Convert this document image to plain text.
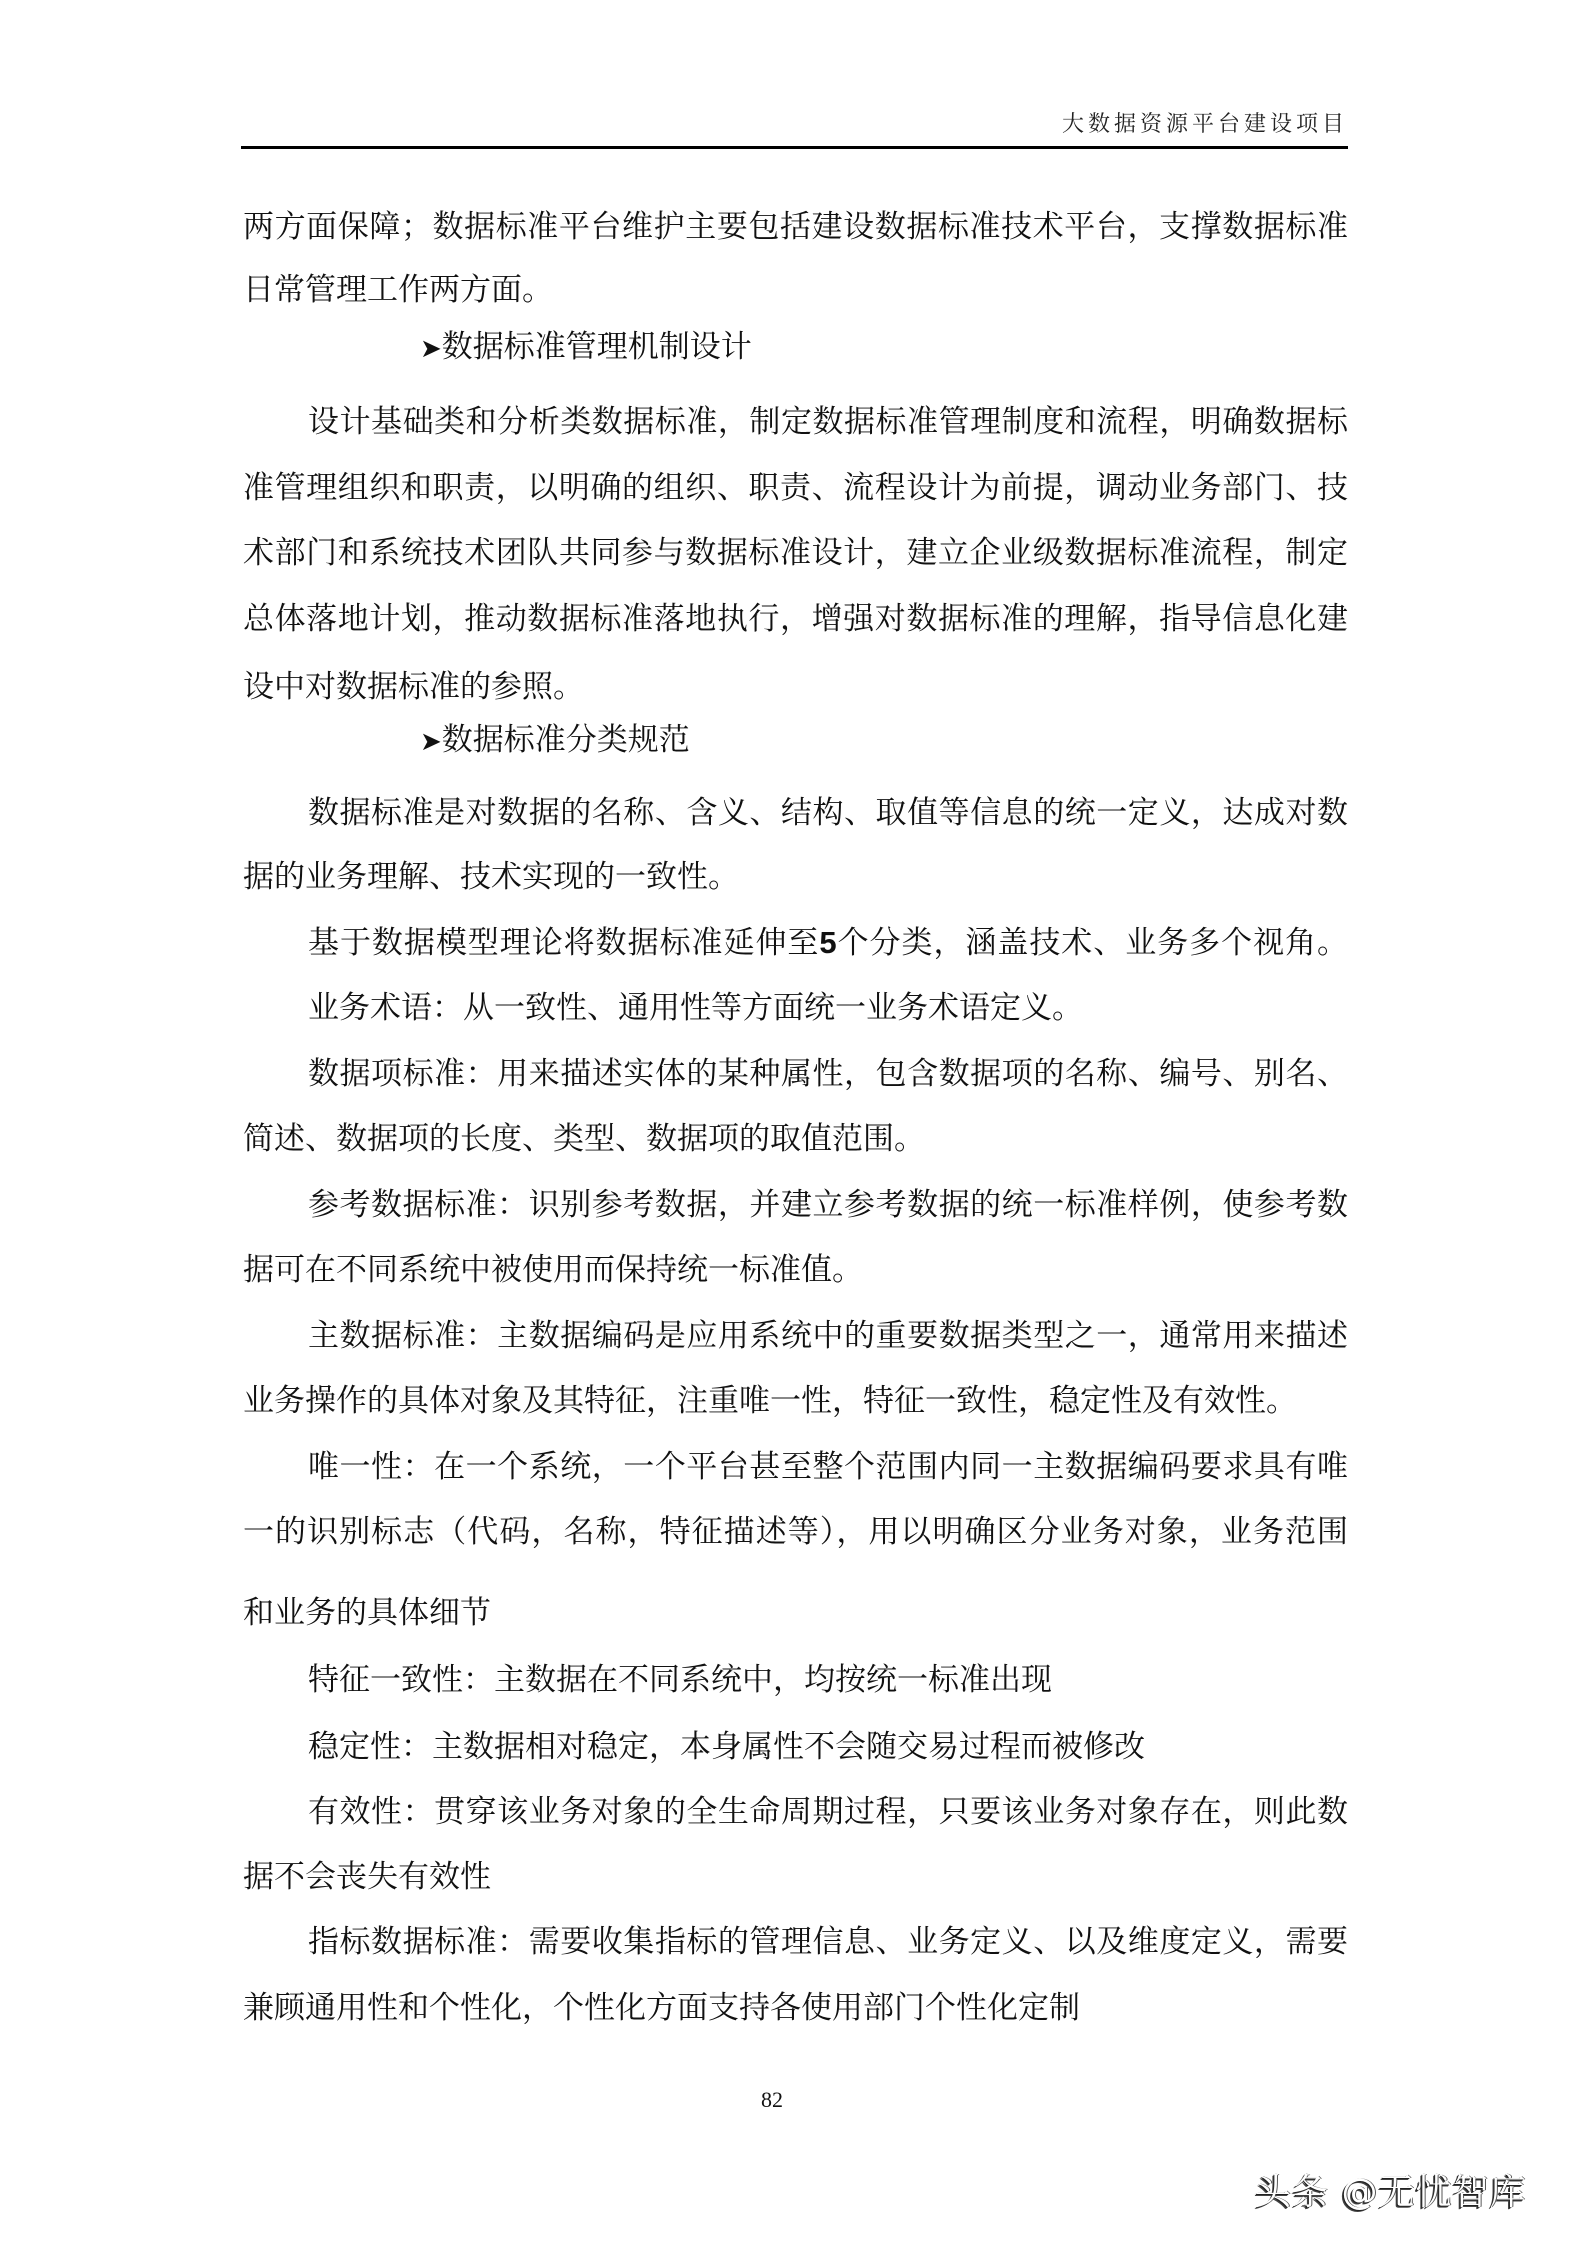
大数据资源平台建设项目
两方面保障；数据标准平台维护主要包括建设数据标准技术平台，支撑数据标准
日常管理工作两方面。
➤数据标准管理机制设计
设计基础类和分析类数据标准，制定数据标准管理制度和流程，明确数据标
准管理组织和职责，以明确的组织、职责、流程设计为前提，调动业务部门、技
术部门和系统技术团队共同参与数据标准设计，建立企业级数据标准流程，制定
总体落地计划，推动数据标准落地执行，增强对数据标准的理解，指导信息化建
设中对数据标准的参照。
➤数据标准分类规范
数据标准是对数据的名称、含义、结构、取值等信息的统一定义，达成对数
据的业务理解、技术实现的一致性。
基于数据模型理论将数据标准延伸至5个分类，涵盖技术、业务多个视角。
业务术语：从一致性、通用性等方面统一业务术语定义。
数据项标准：用来描述实体的某种属性，包含数据项的名称、编号、别名、
简述、数据项的长度、类型、数据项的取值范围。
参考数据标准：识别参考数据，并建立参考数据的统一标准样例，使参考数
据可在不同系统中被使用而保持统一标准值。
主数据标准：主数据编码是应用系统中的重要数据类型之一，通常用来描述
业务操作的具体对象及其特征，注重唯一性，特征一致性，稳定性及有效性。
唯一性：在一个系统，一个平台甚至整个范围内同一主数据编码要求具有唯
一的识别标志（代码，名称，特征描述等），用以明确区分业务对象，业务范围
和业务的具体细节
特征一致性：主数据在不同系统中，均按统一标准出现
稳定性：主数据相对稳定，本身属性不会随交易过程而被修改
有效性：贯穿该业务对象的全生命周期过程，只要该业务对象存在，则此数
据不会丧失有效性
指标数据标准：需要收集指标的管理信息、业务定义、以及维度定义，需要
兼顾通用性和个性化，个性化方面支持各使用部门个性化定制
82
头条 @无忧智库
